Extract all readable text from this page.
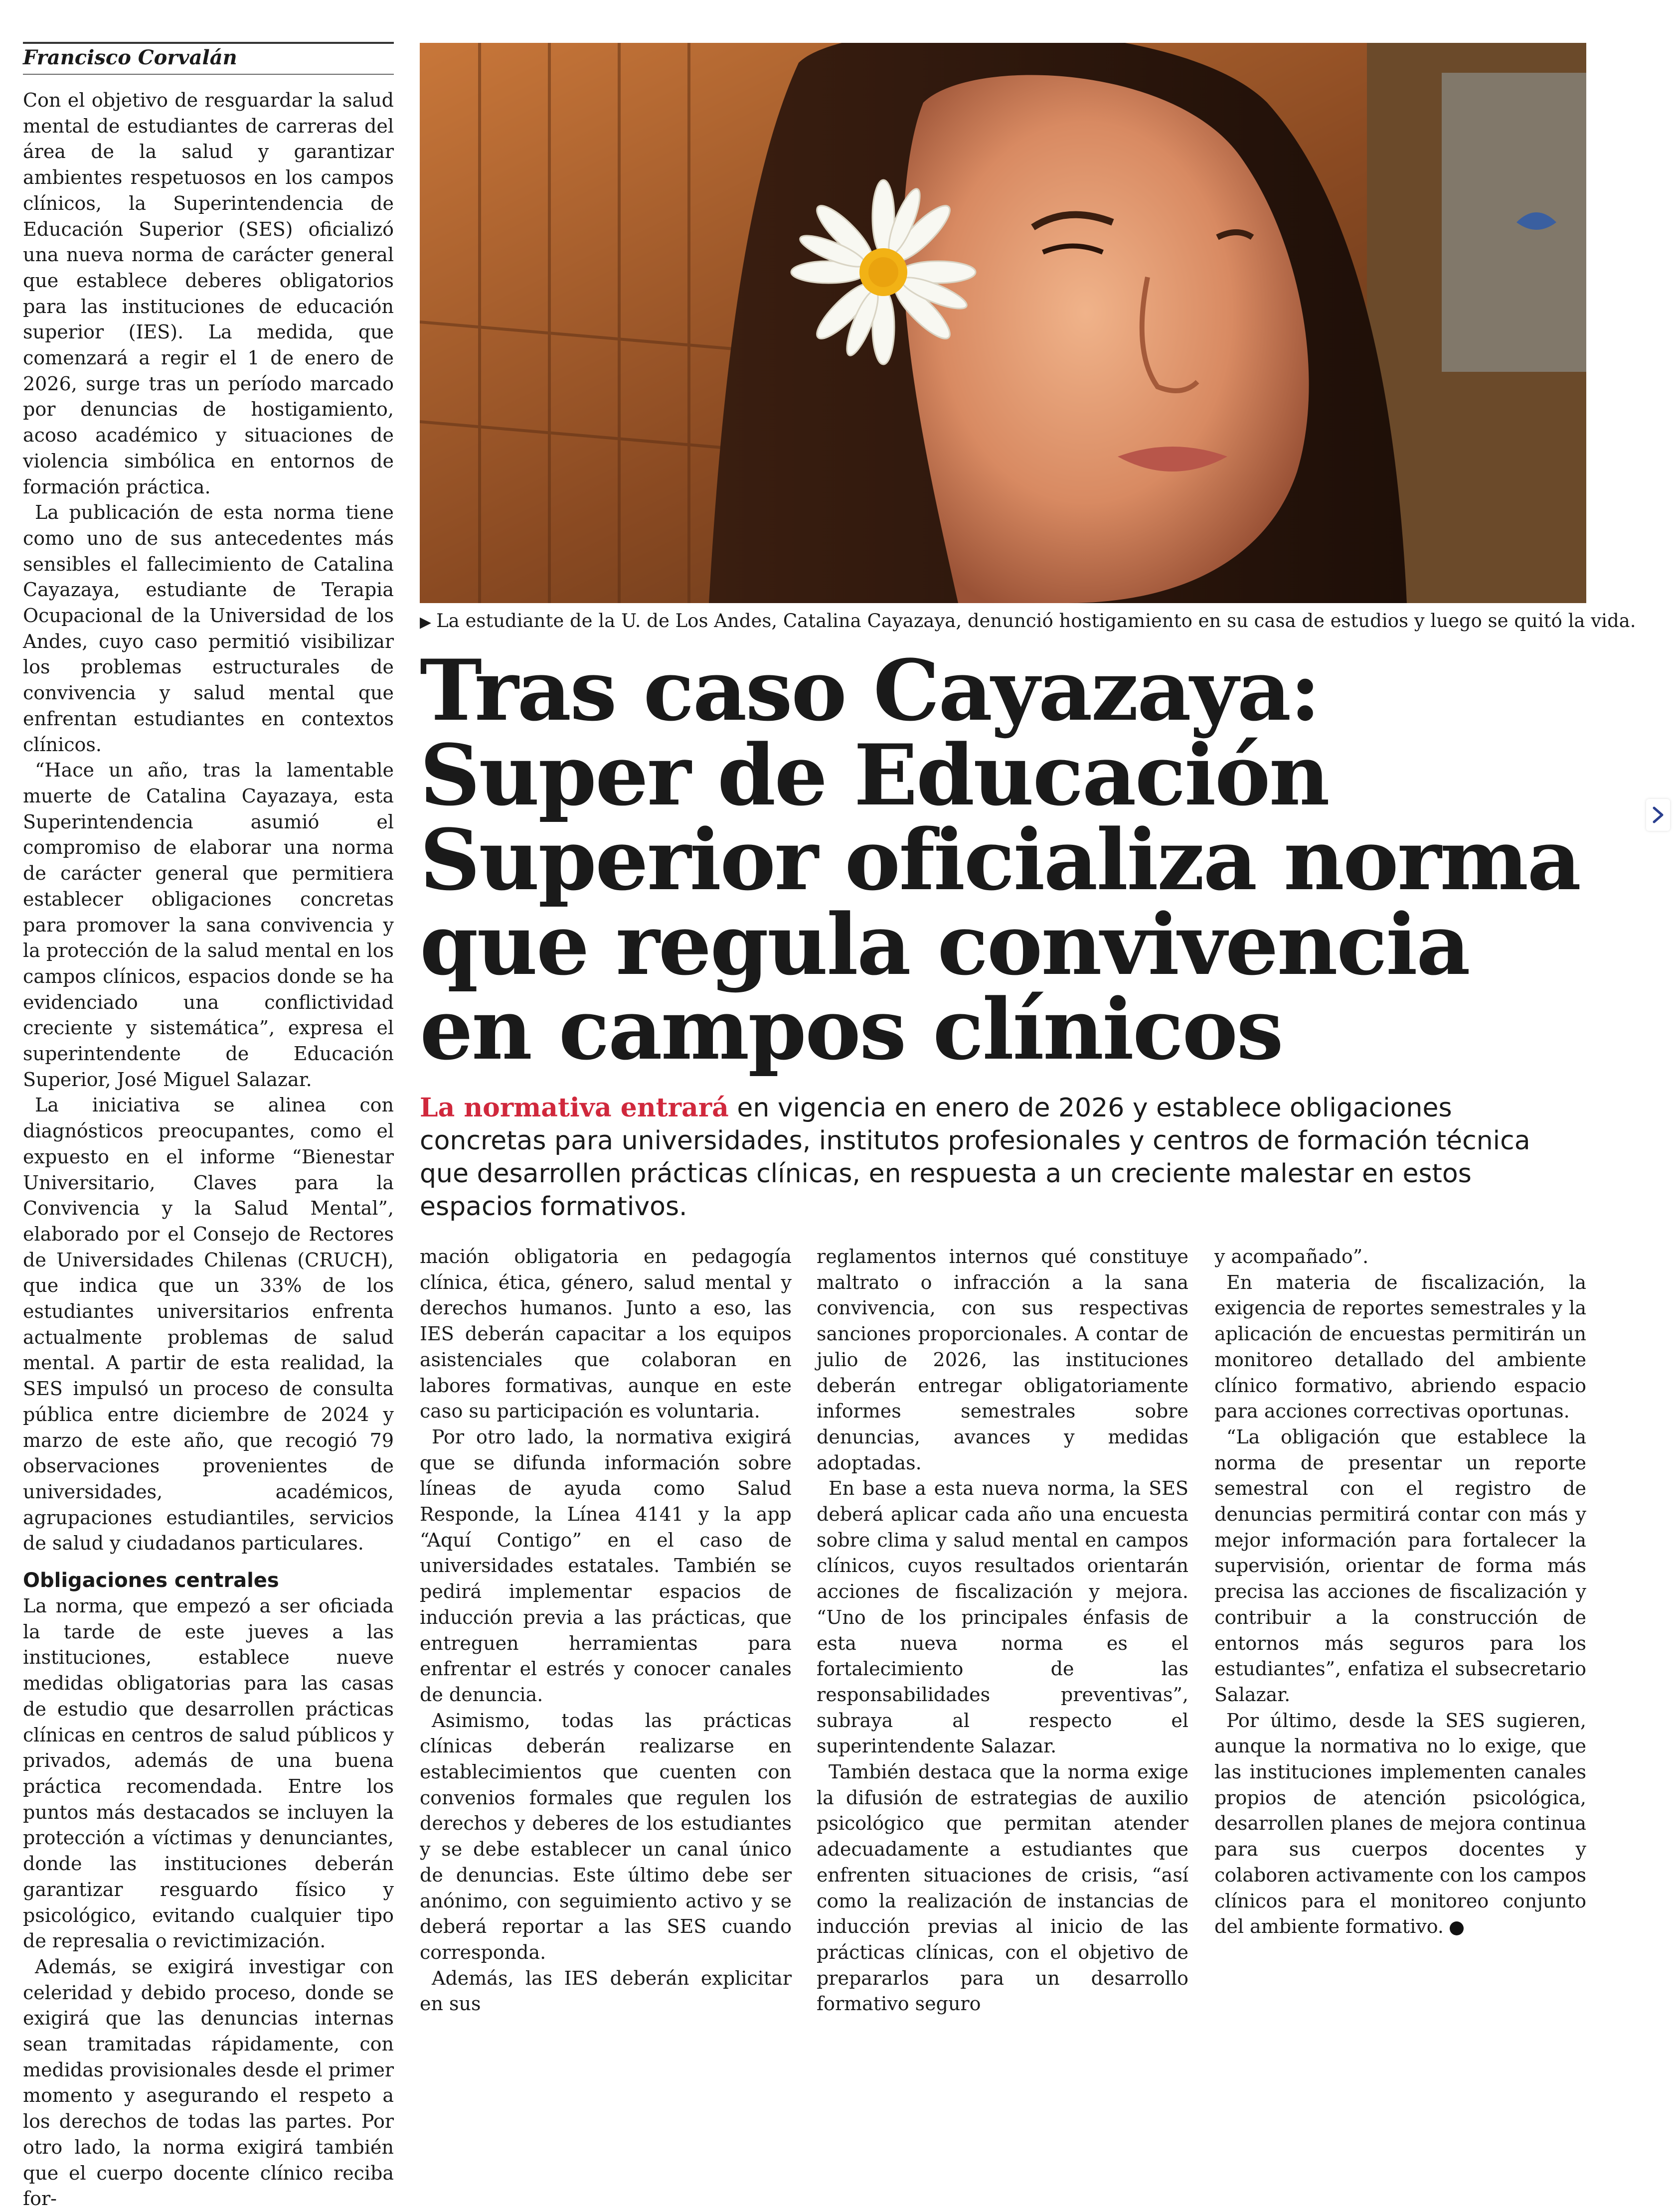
Francisco Corvalán

Con el objetivo de resguardar la salud mental de estudiantes de carreras del área de la salud y garantizar ambientes respetuosos en los campos clínicos, la Superintendencia de Educación Superior (SES) oficializó una nueva norma de carácter general que establece deberes obligatorios para las instituciones de educación superior (IES). La medida, que comenzará a regir el 1 de enero de 2026, surge tras un período marcado por denuncias de hostigamiento, acoso académico y situaciones de violencia simbólica en entornos de formación práctica.

La publicación de esta norma tiene como uno de sus antecedentes más sensibles el fallecimiento de Catalina Cayazaya, estudiante de Terapia Ocupacional de la Universidad de los Andes, cuyo caso permitió visibilizar los problemas estructurales de convivencia y salud mental que enfrentan estudiantes en contextos clínicos.

“Hace un año, tras la lamentable muerte de Catalina Cayazaya, esta Superintendencia asumió el compromiso de elaborar una norma de carácter general que permitiera establecer obligaciones concretas para promover la sana convivencia y la protección de la salud mental en los campos clínicos, espacios donde se ha evidenciado una conflictividad creciente y sistemática”, expresa el superintendente de Educación Superior, José Miguel Salazar.

La iniciativa se alinea con diagnósticos preocupantes, como el expuesto en el informe “Bienestar Universitario, Claves para la Convivencia y la Salud Mental”, elaborado por el Consejo de Rectores de Universidades Chilenas (CRUCH), que indica que un 33% de los estudiantes universitarios enfrenta actualmente problemas de salud mental. A partir de esta realidad, la SES impulsó un proceso de consulta pública entre diciembre de 2024 y marzo de este año, que recogió 79 observaciones provenientes de universidades, académicos, agrupaciones estudiantiles, servicios de salud y ciudadanos particulares.

Obligaciones centrales

La norma, que empezó a ser oficiada la tarde de este jueves a las instituciones, establece nueve medidas obligatorias para las casas de estudio que desarrollen prácticas clínicas en centros de salud públicos y privados, además de una buena práctica recomendada. Entre los puntos más destacados se incluyen la protección a víctimas y denunciantes, donde las instituciones deberán garantizar resguardo físico y psicológico, evitando cualquier tipo de represalia o revictimización.

Además, se exigirá investigar con celeridad y debido proceso, donde se exigirá que las denuncias internas sean tramitadas rápidamente, con medidas provisionales desde el primer momento y asegurando el respeto a los derechos de todas las partes. Por otro lado, la norma exigirá también que el cuerpo docente clínico reciba for-

▶ La estudiante de la U. de Los Andes, Catalina Cayazaya, denunció hostigamiento en su casa de estudios y luego se quitó la vida.
Tras caso Cayazaya:
Super de Educación
Superior oficializa norma
que regula convivencia
en campos clínicos
La normativa entrará en vigencia en enero de 2026 y establece obligaciones concretas para universidades, institutos profesionales y centros de formación técnica que desarrollen prácticas clínicas, en respuesta a un creciente malestar en estos espacios formativos.

mación obligatoria en pedagogía clínica, ética, género, salud mental y derechos humanos. Junto a eso, las IES deberán capacitar a los equipos asistenciales que colaboran en labores formativas, aunque en este caso su participación es voluntaria.

Por otro lado, la normativa exigirá que se difunda información sobre líneas de ayuda como Salud Responde, la Línea 4141 y la app “Aquí Contigo” en el caso de universidades estatales. También se pedirá implementar espacios de inducción previa a las prácticas, que entreguen herramientas para enfrentar el estrés y conocer canales de denuncia.

Asimismo, todas las prácticas clínicas deberán realizarse en establecimientos que cuenten con convenios formales que regulen los derechos y deberes de los estudiantes y se debe establecer un canal único de denuncias. Este último debe ser anónimo, con seguimiento activo y se deberá reportar a las SES cuando corresponda.

Además, las IES deberán explicitar en sus

reglamentos internos qué constituye maltrato o infracción a la sana convivencia, con sus respectivas sanciones proporcionales. A contar de julio de 2026, las instituciones deberán entregar obligatoriamente informes semestrales sobre denuncias, avances y medidas adoptadas.

En base a esta nueva norma, la SES deberá aplicar cada año una encuesta sobre clima y salud mental en campos clínicos, cuyos resultados orientarán acciones de fiscalización y mejora. “Uno de los principales énfasis de esta nueva norma es el fortalecimiento de las responsabilidades preventivas”, subraya al respecto el superintendente Salazar.

También destaca que la norma exige la difusión de estrategias de auxilio psicológico que permitan atender adecuadamente a estudiantes que enfrenten situaciones de crisis, “así como la realización de instancias de inducción previas al inicio de las prácticas clínicas, con el objetivo de prepararlos para un desarrollo formativo seguro

y acompañado”.

En materia de fiscalización, la exigencia de reportes semestrales y la aplicación de encuestas permitirán un monitoreo detallado del ambiente clínico formativo, abriendo espacio para acciones correctivas oportunas.

“La obligación que establece la norma de presentar un reporte semestral con el registro de denuncias permitirá contar con más y mejor información para fortalecer la supervisión, orientar de forma más precisa las acciones de fiscalización y contribuir a la construcción de entornos más seguros para los estudiantes”, enfatiza el subsecretario Salazar.

Por último, desde la SES sugieren, aunque la normativa no lo exige, que las instituciones implementen canales propios de atención psicológica, desarrollen planes de mejora continua para sus cuerpos docentes y colaboren activamente con los campos clínicos para el monitoreo conjunto del ambiente formativo.
